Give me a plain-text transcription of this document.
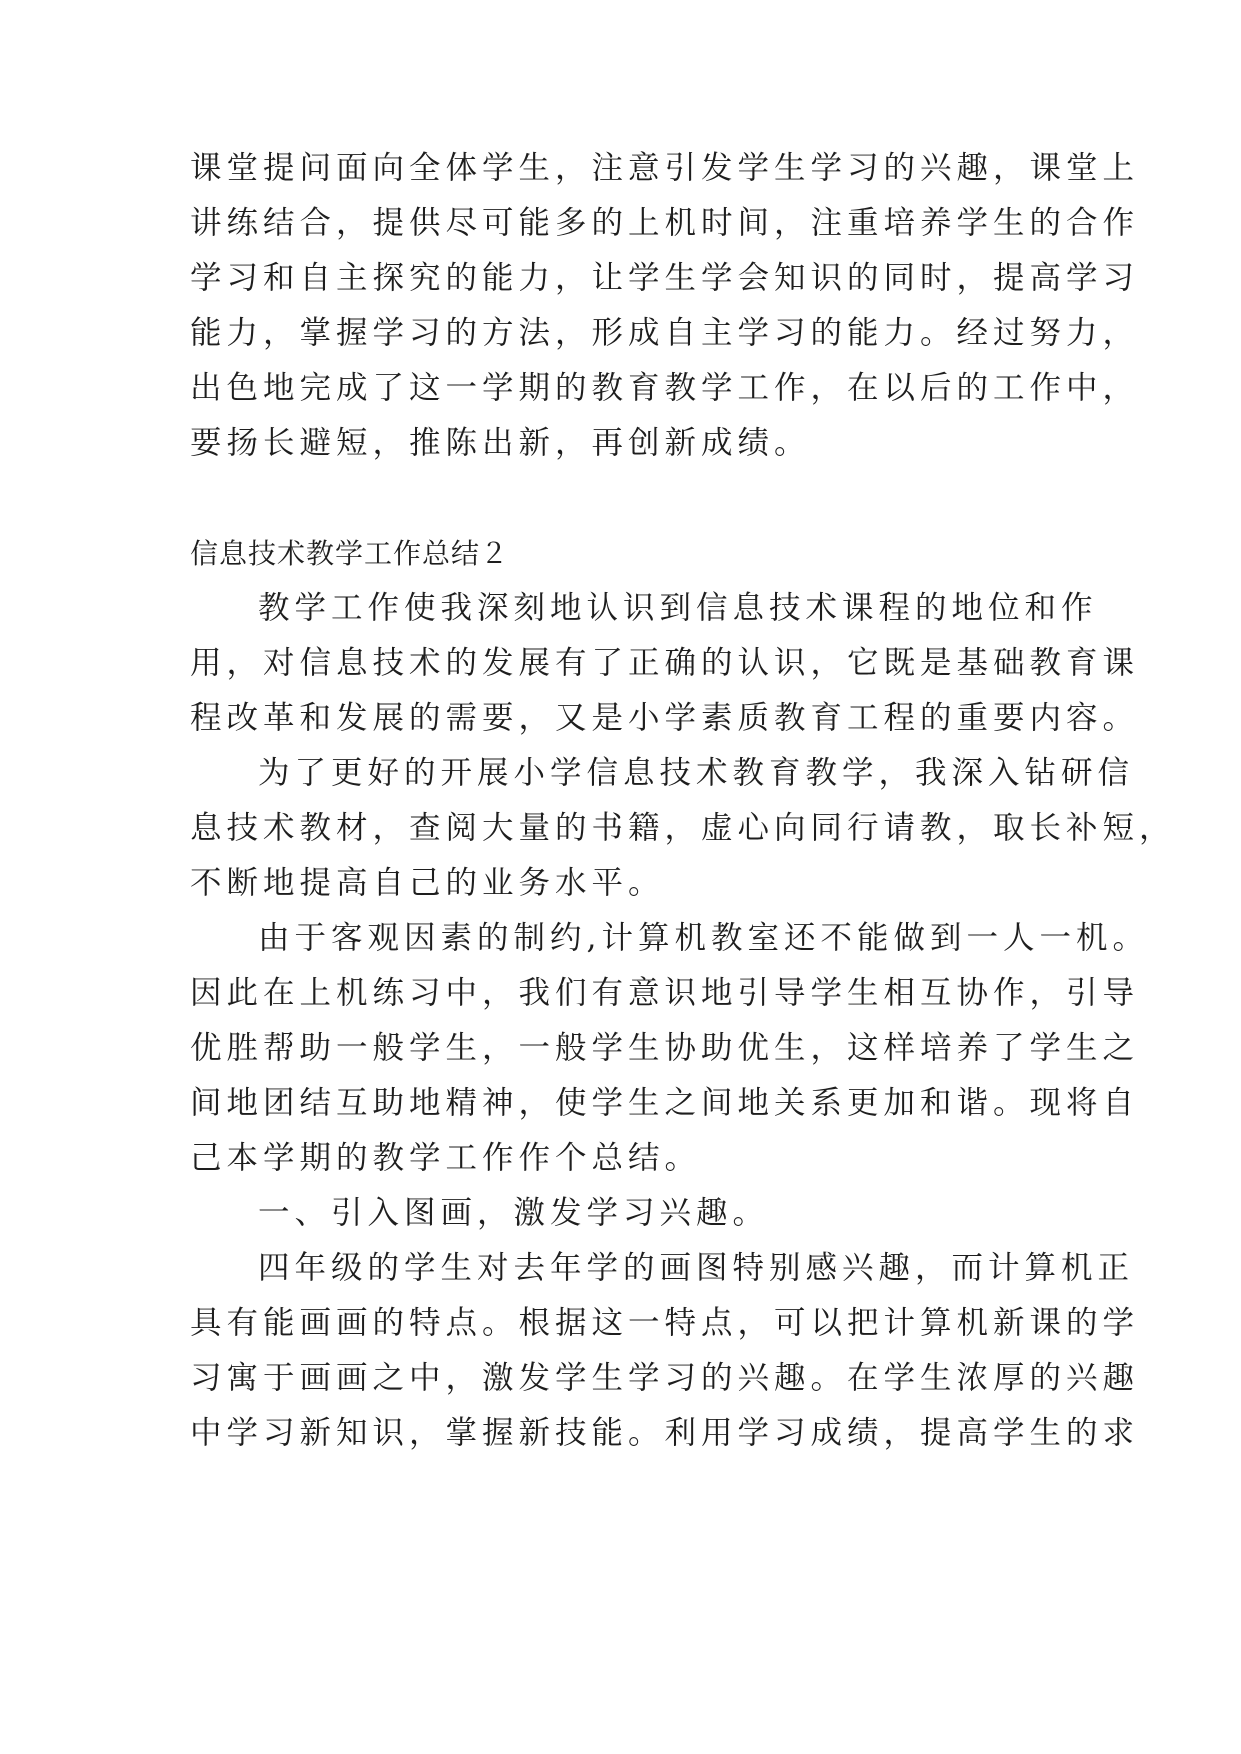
课堂提问面向全体学生，注意引发学生学习的兴趣，课堂上
讲练结合，提供尽可能多的上机时间，注重培养学生的合作
学习和自主探究的能力，让学生学会知识的同时，提高学习
能力，掌握学习的方法，形成自主学习的能力。经过努力，
出色地完成了这一学期的教育教学工作，在以后的工作中，
要扬长避短，推陈出新，再创新成绩。
信息技术教学工作总结２
教学工作使我深刻地认识到信息技术课程的地位和作
用，对信息技术的发展有了正确的认识，它既是基础教育课
程改革和发展的需要，又是小学素质教育工程的重要内容。
为了更好的开展小学信息技术教育教学，我深入钻研信
息技术教材，查阅大量的书籍，虚心向同行请教，取长补短，
不断地提高自己的业务水平。
由于客观因素的制约,计算机教室还不能做到一人一机。
因此在上机练习中，我们有意识地引导学生相互协作，引导
优胜帮助一般学生，一般学生协助优生，这样培养了学生之
间地团结互助地精神，使学生之间地关系更加和谐。现将自
己本学期的教学工作作个总结。
一、引入图画，激发学习兴趣。
四年级的学生对去年学的画图特别感兴趣，而计算机正
具有能画画的特点。根据这一特点，可以把计算机新课的学
习寓于画画之中，激发学生学习的兴趣。在学生浓厚的兴趣
中学习新知识，掌握新技能。利用学习成绩，提高学生的求
